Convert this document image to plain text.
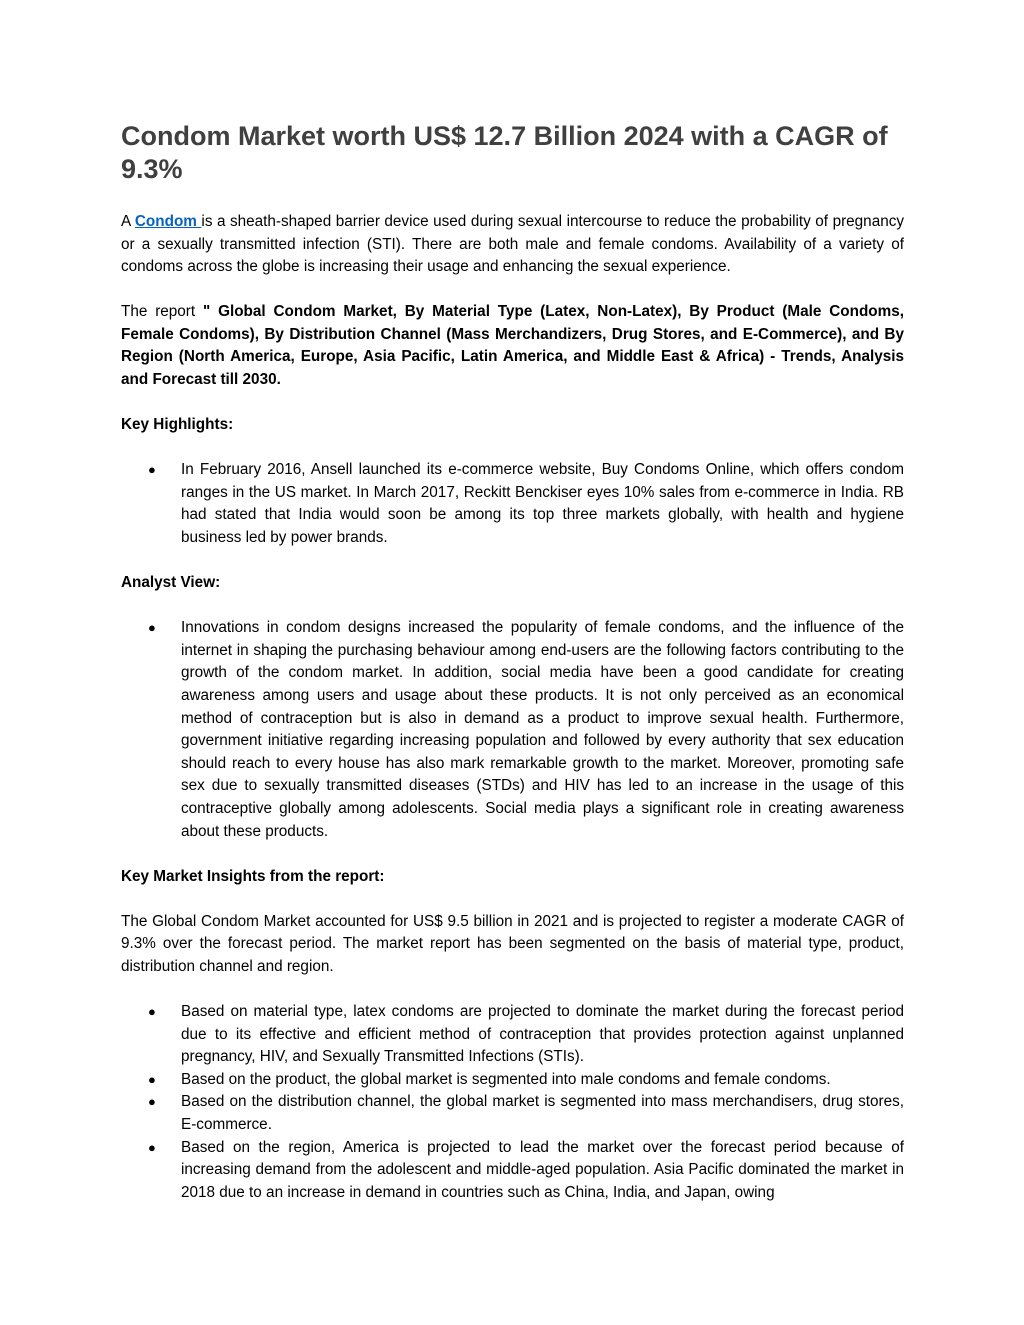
Condom Market worth US$ 12.7 Billion 2024 with a CAGR of 9.3%

A Condom is a sheath-shaped barrier device used during sexual intercourse to reduce the probability of pregnancy or a sexually transmitted infection (STI). There are both male and female condoms. Availability of a variety of condoms across the globe is increasing their usage and enhancing the sexual experience.

The report " Global Condom Market, By Material Type (Latex, Non-Latex), By Product (Male Condoms, Female Condoms), By Distribution Channel (Mass Merchandizers, Drug Stores, and E-Commerce), and By Region (North America, Europe, Asia Pacific, Latin America, and Middle East & Africa) - Trends, Analysis and Forecast till 2030.

Key Highlights:
● In February 2016, Ansell launched its e-commerce website, Buy Condoms Online, which offers condom ranges in the US market. In March 2017, Reckitt Benckiser eyes 10% sales from e-commerce in India. RB had stated that India would soon be among its top three markets globally, with health and hygiene business led by power brands.
Analyst View:
● Innovations in condom designs increased the popularity of female condoms, and the influence of the internet in shaping the purchasing behaviour among end-users are the following factors contributing to the growth of the condom market. In addition, social media have been a good candidate for creating awareness among users and usage about these products. It is not only perceived as an economical method of contraception but is also in demand as a product to improve sexual health. Furthermore, government initiative regarding increasing population and followed by every authority that sex education should reach to every house has also mark remarkable growth to the market. Moreover, promoting safe sex due to sexually transmitted diseases (STDs) and HIV has led to an increase in the usage of this contraceptive globally among adolescents. Social media plays a significant role in creating awareness about these products.
Key Market Insights from the report:

The Global Condom Market accounted for US$ 9.5 billion in 2021 and is projected to register a moderate CAGR of 9.3% over the forecast period. The market report has been segmented on the basis of material type, product, distribution channel and region.

● Based on material type, latex condoms are projected to dominate the market during the forecast period due to its effective and efficient method of contraception that provides protection against unplanned pregnancy, HIV, and Sexually Transmitted Infections (STIs).
● Based on the product, the global market is segmented into male condoms and female condoms.
● Based on the distribution channel, the global market is segmented into mass merchandisers, drug stores, E-commerce.
● Based on the region, America is projected to lead the market over the forecast period because of increasing demand from the adolescent and middle-aged population. Asia Pacific dominated the market in 2018 due to an increase in demand in countries such as China, India, and Japan, owing
